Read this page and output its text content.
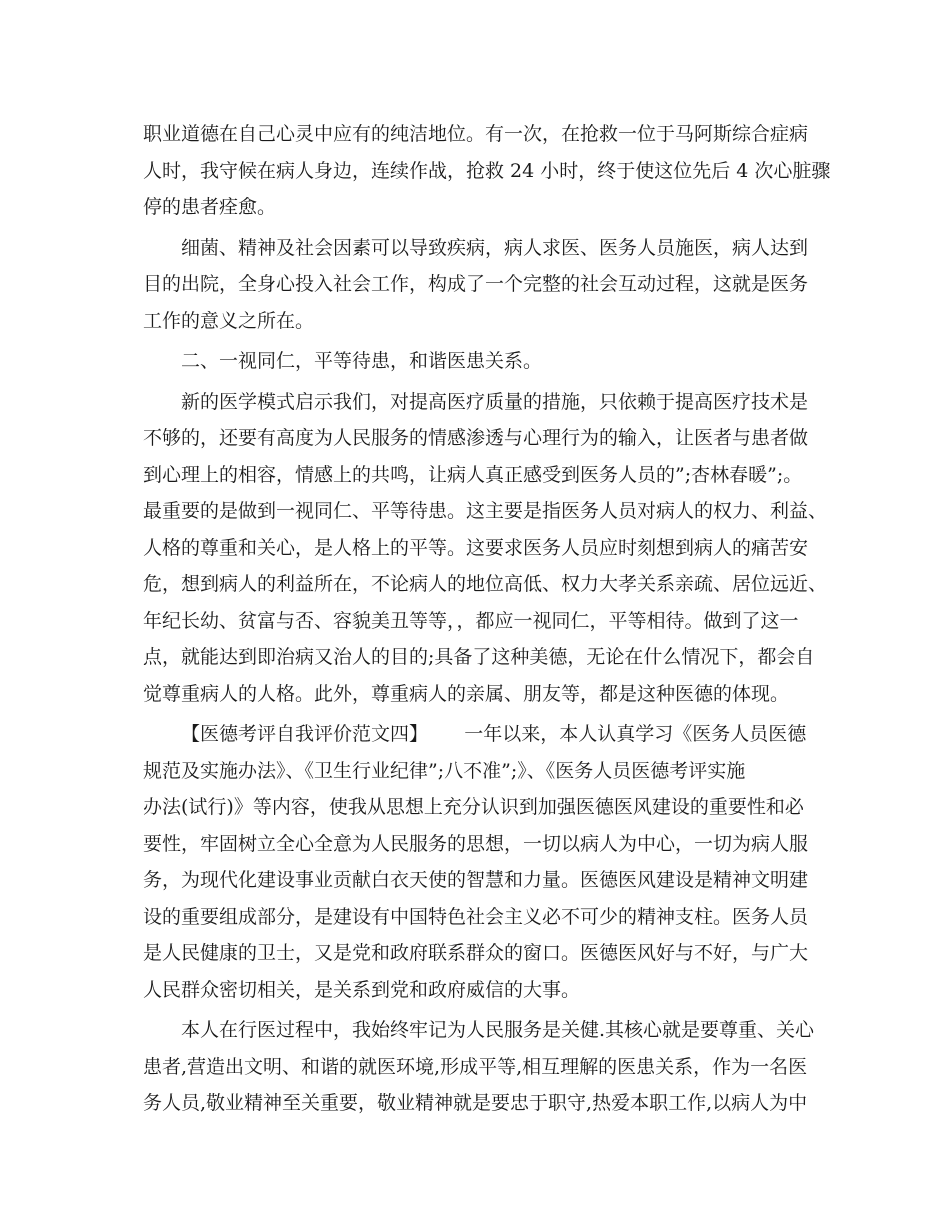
职业道德在自己心灵中应有的纯洁地位。有一次，在抢救一位于马阿斯综合症病
人时，我守候在病人身边，连续作战，抢救 24 小时，终于使这位先后 4 次心脏骤
停的患者痊愈。
细菌、精神及社会因素可以导致疾病，病人求医、医务人员施医，病人达到
目的出院，全身心投入社会工作，构成了一个完整的社会互动过程，这就是医务
工作的意义之所在。
二、一视同仁，平等待患，和谐医患关系。
新的医学模式启示我们，对提高医疗质量的措施，只依赖于提高医疗技术是
不够的，还要有高度为人民服务的情感渗透与心理行为的输入，让医者与患者做
到心理上的相容，情感上的共鸣，让病人真正感受到医务人员的”;杏林春暖”;。
最重要的是做到一视同仁、平等待患。这主要是指医务人员对病人的权力、利益、
人格的尊重和关心，是人格上的平等。这要求医务人员应时刻想到病人的痛苦安
危，想到病人的利益所在，不论病人的地位高低、权力大孝关系亲疏、居位远近、
年纪长幼、贫富与否、容貌美丑等等，，都应一视同仁，平等相待。做到了这一
点，就能达到即治病又治人的目的;具备了这种美德，无论在什么情况下，都会自
觉尊重病人的人格。此外，尊重病人的亲属、朋友等，都是这种医德的体现。
【医德考评自我评价范文四】      一年以来，本人认真学习《医务人员医德
规范及实施办法》、《卫生行业纪律”;八不准”;》、《医务人员医德考评实施
办法(试行)》等内容，使我从思想上充分认识到加强医德医风建设的重要性和必
要性，牢固树立全心全意为人民服务的思想，一切以病人为中心，一切为病人服
务，为现代化建设事业贡献白衣天使的智慧和力量。医德医风建设是精神文明建
设的重要组成部分，是建设有中国特色社会主义必不可少的精神支柱。医务人员
是人民健康的卫士，又是党和政府联系群众的窗口。医德医风好与不好，与广大
人民群众密切相关，是关系到党和政府威信的大事。
本人在行医过程中，我始终牢记为人民服务是关健.其核心就是要尊重、关心
患者,营造出文明、和谐的就医环境,形成平等,相互理解的医患关系，作为一名医
务人员,敬业精神至关重要，敬业精神就是要忠于职守,热爱本职工作,以病人为中
